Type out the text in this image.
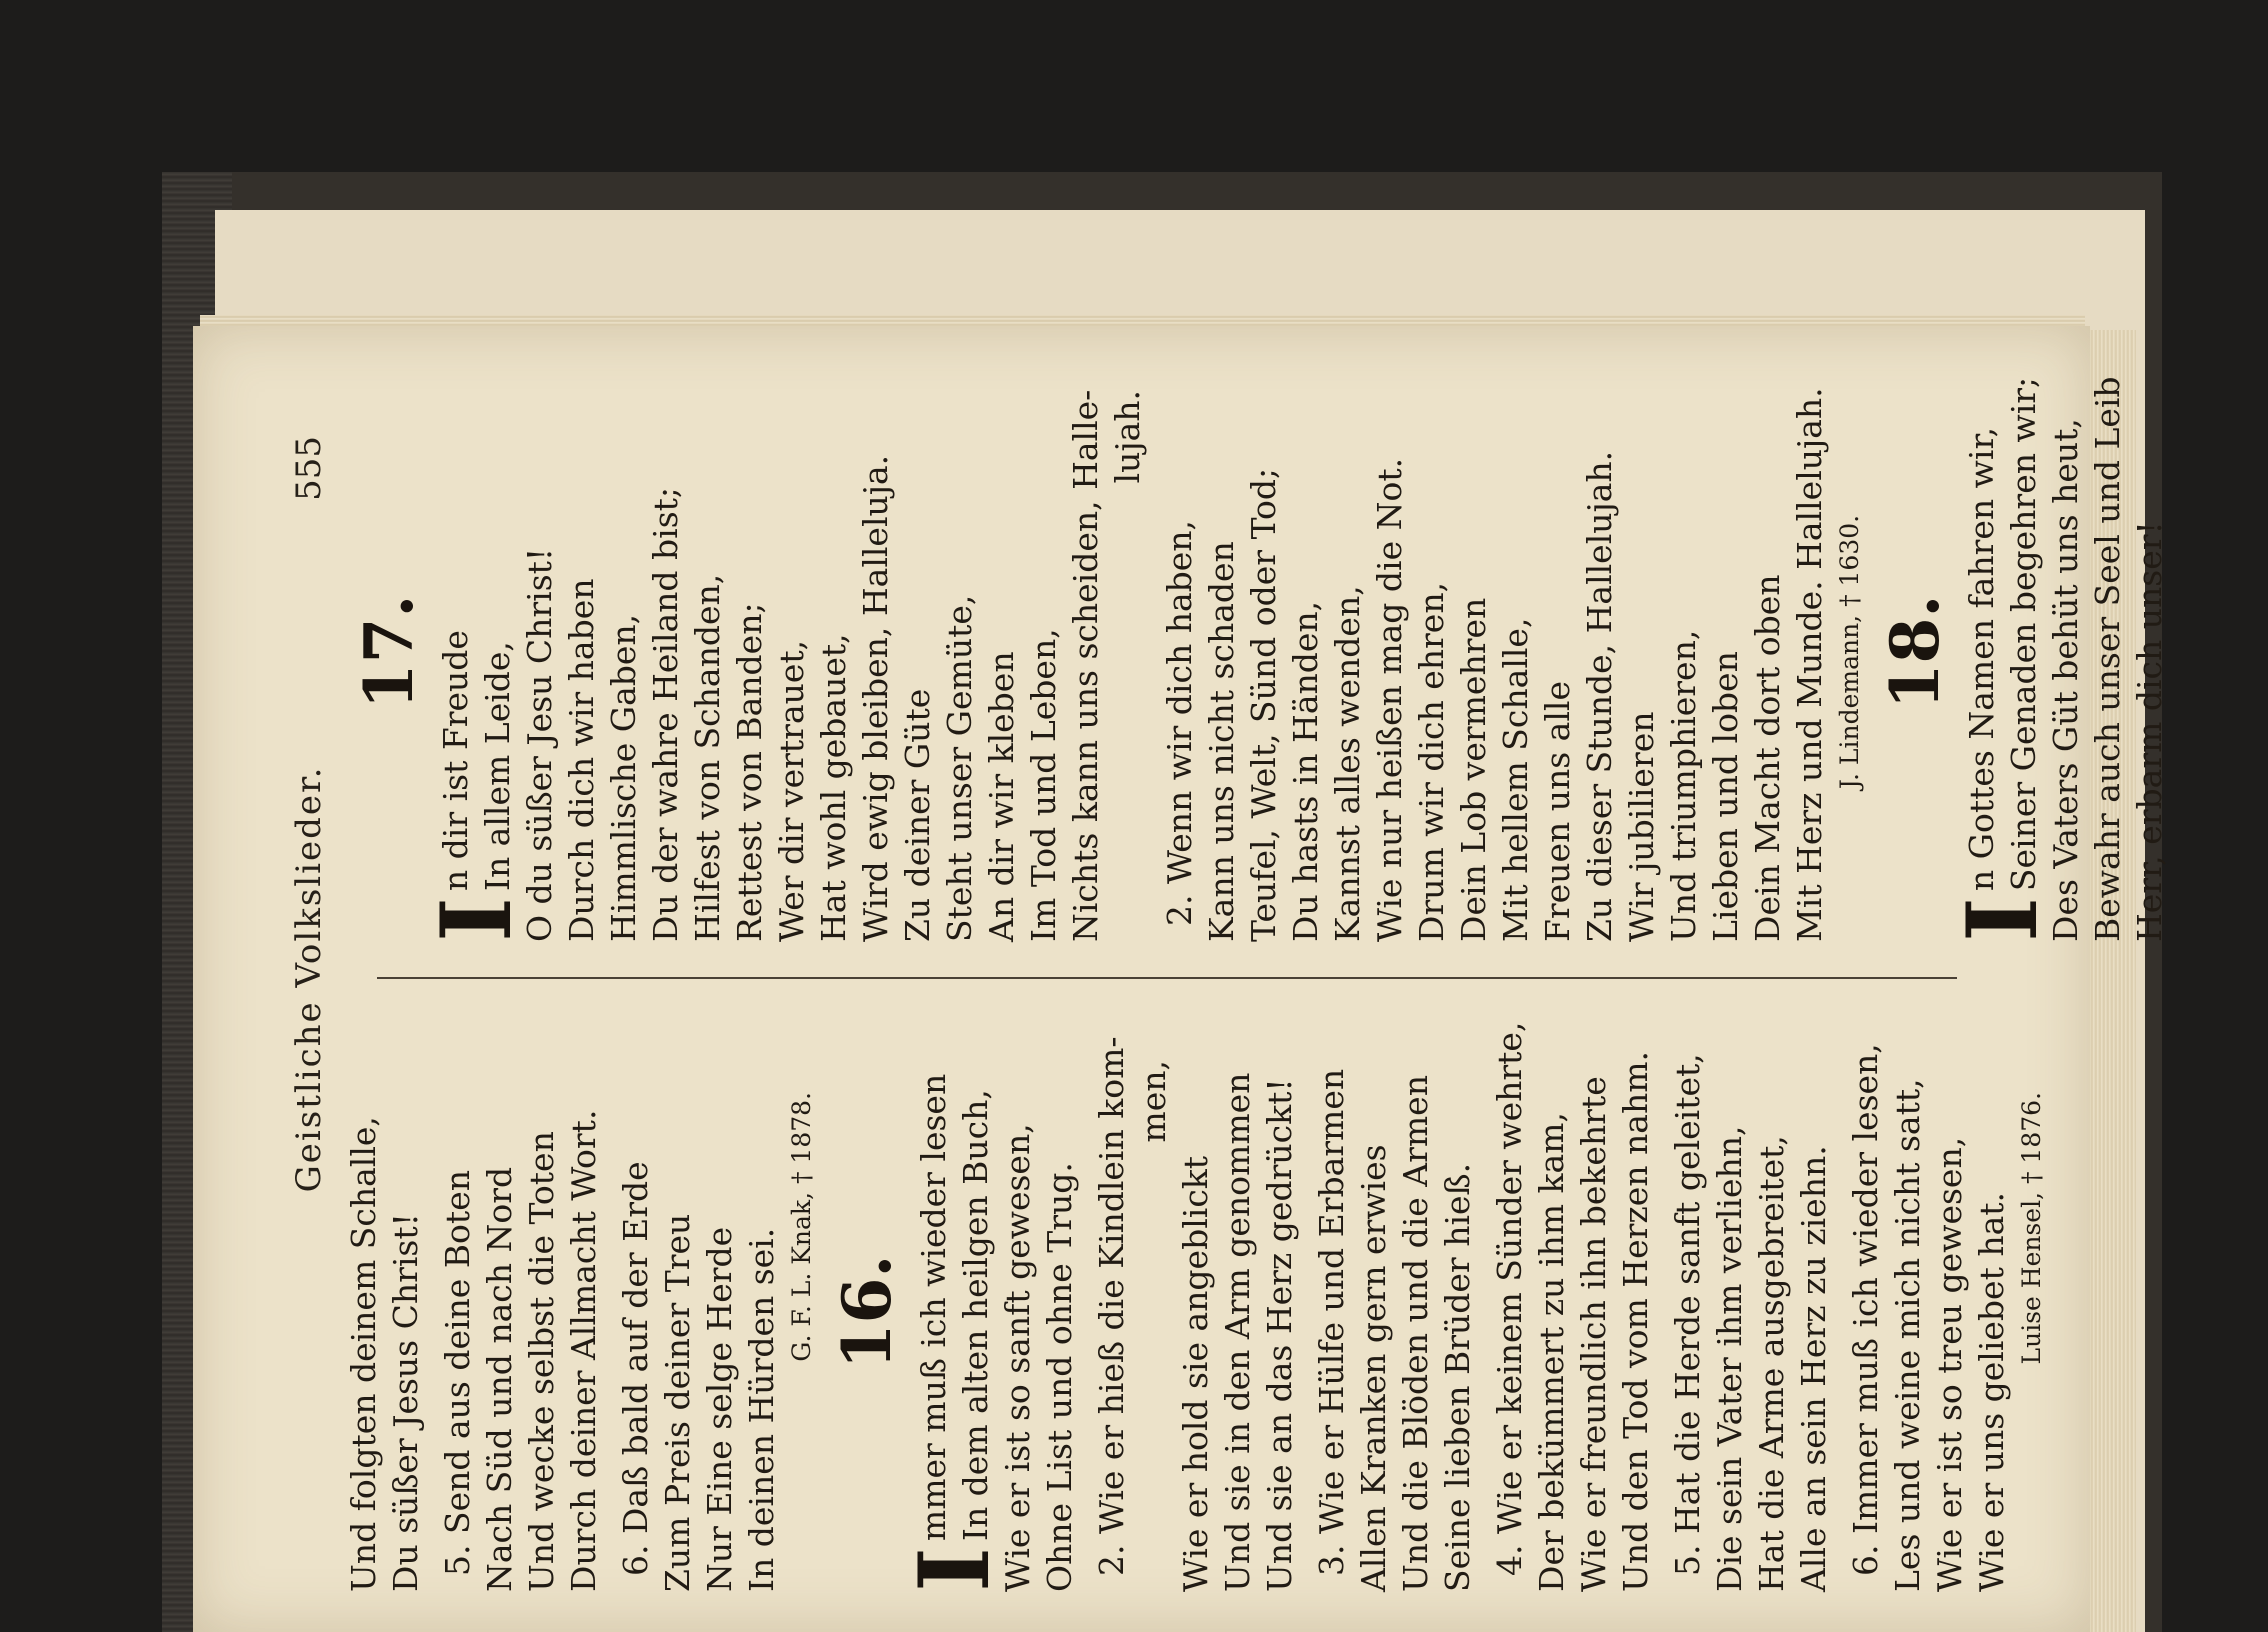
Geistliche Volkslieder.
555
Und folgten deinem Schalle, Du süßer Jesus Christ! 5. Send aus deine Boten Nach Süd und nach Nord Und wecke selbst die Toten Durch deiner Allmacht Wort. 6. Daß bald auf der Erde Zum Preis deiner Treu Nur Eine selge Herde In deinen Hürden sei.
G. F. L. Knak, † 1878. 16.
I
mmer muß ich wieder lesen In dem alten heilgen Buch, Wie er ist so sanft gewesen, Ohne List und ohne Trug. 2. Wie er hieß die Kindlein kom- men,
Wie er hold sie angeblickt Und sie in den Arm genommen Und sie an das Herz gedrückt! 3. Wie er Hülfe und Erbarmen Allen Kranken gern erwies Und die Blöden und die Armen Seine lieben Brüder hieß. 4. Wie er keinem Sünder wehrte, Der bekümmert zu ihm kam, Wie er freundlich ihn bekehrte Und den Tod vom Herzen nahm. 5. Hat die Herde sanft geleitet, Die sein Vater ihm verliehn, Hat die Arme ausgebreitet, Alle an sein Herz zu ziehn. 6. Immer muß ich wieder lesen, Les und weine mich nicht satt, Wie er ist so treu gewesen, Wie er uns geliebet hat. Luise Hensel, † 1876.
17.
I
n dir ist Freude In allem Leide, O du süßer Jesu Christ! Durch dich wir haben Himmlische Gaben, Du der wahre Heiland bist; Hilfest von Schanden, Rettest von Banden; Wer dir vertrauet, Hat wohl gebauet, Wird ewig bleiben, Halleluja. Zu deiner Güte Steht unser Gemüte, An dir wir kleben Im Tod und Leben, Nichts kann uns scheiden, Halle- lujah.
2. Wenn wir dich haben, Kann uns nicht schaden Teufel, Welt, Sünd oder Tod; Du hasts in Händen, Kannst alles wenden, Wie nur heißen mag die Not. Drum wir dich ehren, Dein Lob vermehren Mit hellem Schalle, Freuen uns alle Zu dieser Stunde, Hallelujah. Wir jubilieren Und triumphieren, Lieben und loben Dein Macht dort oben Mit Herz und Munde. Hallelujah. J. Lindemann, † 1630. 18.
I
n Gottes Namen fahren wir, Seiner Genaden begehren wir; Des Vaters Güt behüt uns heut, Bewahr auch unser Seel und Leib Herr, erbarm dich unser!
